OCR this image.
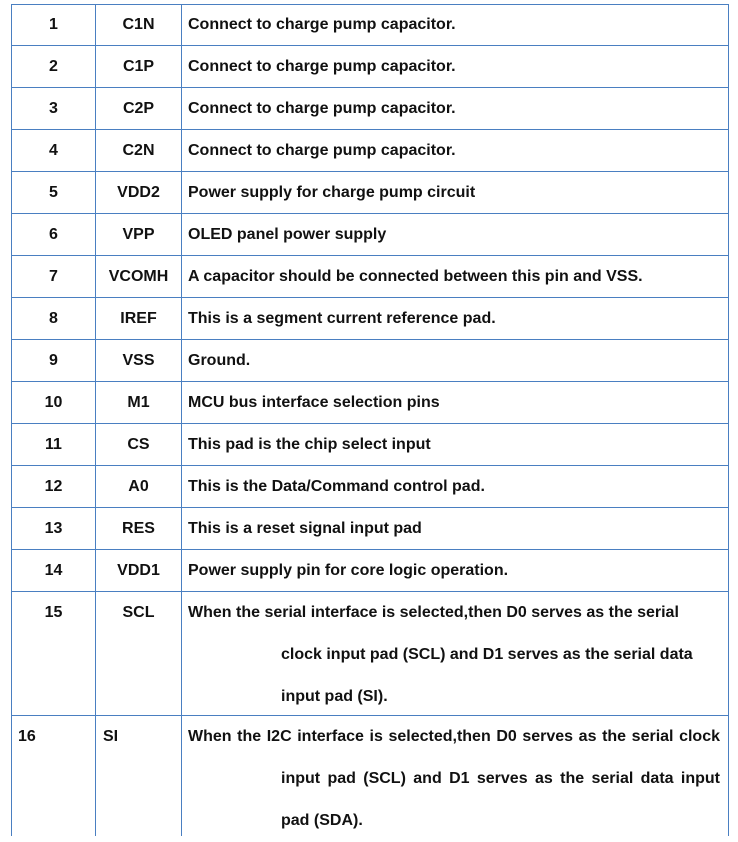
1	C1N	Connect to charge pump capacitor.
2	C1P	Connect to charge pump capacitor.
3	C2P	Connect to charge pump capacitor.
4	C2N	Connect to charge pump capacitor.
5	VDD2	Power supply for charge pump circuit
6	VPP	OLED panel power supply
7	VCOMH	A capacitor should be connected between this pin and VSS.
8	IREF	This is a segment current reference pad.
9	VSS	Ground.
10	M1	MCU bus interface selection pins
11	CS	This pad is the chip select input
12	A0	This is the Data/Command control pad.
13	RES	This is a reset signal input pad
14	VDD1	Power supply pin for core logic operation.
15	SCL	When the serial interface is selected,then D0 serves as the serial
clock input pad (SCL) and D1 serves as the serial data
input pad (SI).
16	SI	When the I2C interface is selected,then D0 serves as the serial clock
input pad (SCL) and D1 serves as the serial data input
pad (SDA).
